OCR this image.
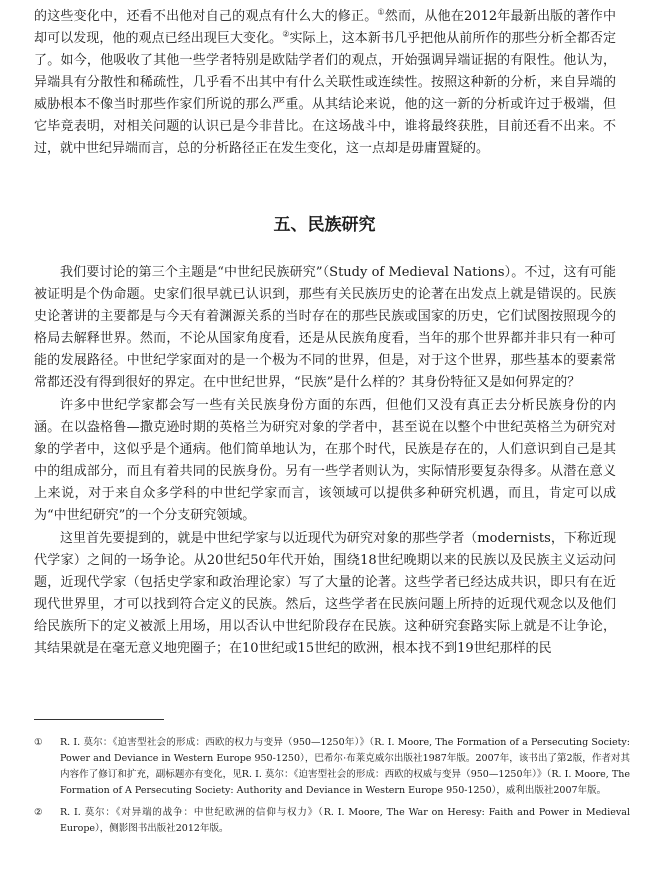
的这些变化中，还看不出他对自己的观点有什么大的修正。①然而，从他在2012年最新出版的著作中却可以发现，他的观点已经出现巨大变化。②实际上，这本新书几乎把他从前所作的那些分析全都否定了。如今，他吸收了其他一些学者特别是欧陆学者们的观点，开始强调异端证据的有限性。他认为，异端具有分散性和稀疏性，几乎看不出其中有什么关联性或连续性。按照这种新的分析，来自异端的威胁根本不像当时那些作家们所说的那么严重。从其结论来说，他的这一新的分析或许过于极端，但它毕竟表明，对相关问题的认识已是今非昔比。在这场战斗中，谁将最终获胜，目前还看不出来。不过，就中世纪异端而言，总的分析路径正在发生变化，这一点却是毋庸置疑的。
五、民族研究

我们要讨论的第三个主题是“中世纪民族研究”（Study of Medieval Nations）。不过，这有可能被证明是个伪命题。史家们很早就已认识到，那些有关民族历史的论著在出发点上就是错误的。民族史论著讲的主要都是与今天有着渊源关系的当时存在的那些民族或国家的历史，它们试图按照现今的格局去解释世界。然而，不论从国家角度看，还是从民族角度看，当年的那个世界都并非只有一种可能的发展路径。中世纪学家面对的是一个极为不同的世界，但是，对于这个世界，那些基本的要素常常都还没有得到很好的界定。在中世纪世界，“民族”是什么样的？其身份特征又是如何界定的？

许多中世纪学家都会写一些有关民族身份方面的东西，但他们又没有真正去分析民族身份的内涵。在以盎格鲁—撒克逊时期的英格兰为研究对象的学者中，甚至说在以整个中世纪英格兰为研究对象的学者中，这似乎是个通病。他们简单地认为，在那个时代，民族是存在的，人们意识到自己是其中的组成部分，而且有着共同的民族身份。另有一些学者则认为，实际情形要复杂得多。从潜在意义上来说，对于来自众多学科的中世纪学家而言，该领域可以提供多种研究机遇，而且，肯定可以成为“中世纪研究”的一个分支研究领域。

这里首先要提到的，就是中世纪学家与以近现代为研究对象的那些学者（modernists，下称近现代学家）之间的一场争论。从20世纪50年代开始，围绕18世纪晚期以来的民族以及民族主义运动问题，近现代学家（包括史学家和政治理论家）写了大量的论著。这些学者已经达成共识，即只有在近现代世界里，才可以找到符合定义的民族。然后，这些学者在民族问题上所持的近现代观念以及他们给民族所下的定义被派上用场，用以否认中世纪阶段存在民族。这种研究套路实际上就是不让争论，其结果就是在毫无意义地兜圈子；在10世纪或15世纪的欧洲，根本找不到19世纪那样的民

① R. I. 莫尔：《迫害型社会的形成：西欧的权力与变异（950—1250年）》（R. I. Moore, The Formation of a Persecuting Society: Power and Deviance in Western Europe 950-1250），巴希尔·布莱克威尔出版社1987年版。2007年，该书出了第2版，作者对其内容作了修订和扩充，副标题亦有变化，见R. I. 莫尔：《迫害型社会的形成：西欧的权威与变异（950—1250年）》（R. I. Moore, The Formation of A Persecuting Society: Authority and Deviance in Western Europe 950-1250），威利出版社2007年版。
② R. I. 莫尔：《对异端的战争：中世纪欧洲的信仰与权力》（R. I. Moore, The War on Heresy: Faith and Power in Medieval Europe），侧影图书出版社2012年版。
